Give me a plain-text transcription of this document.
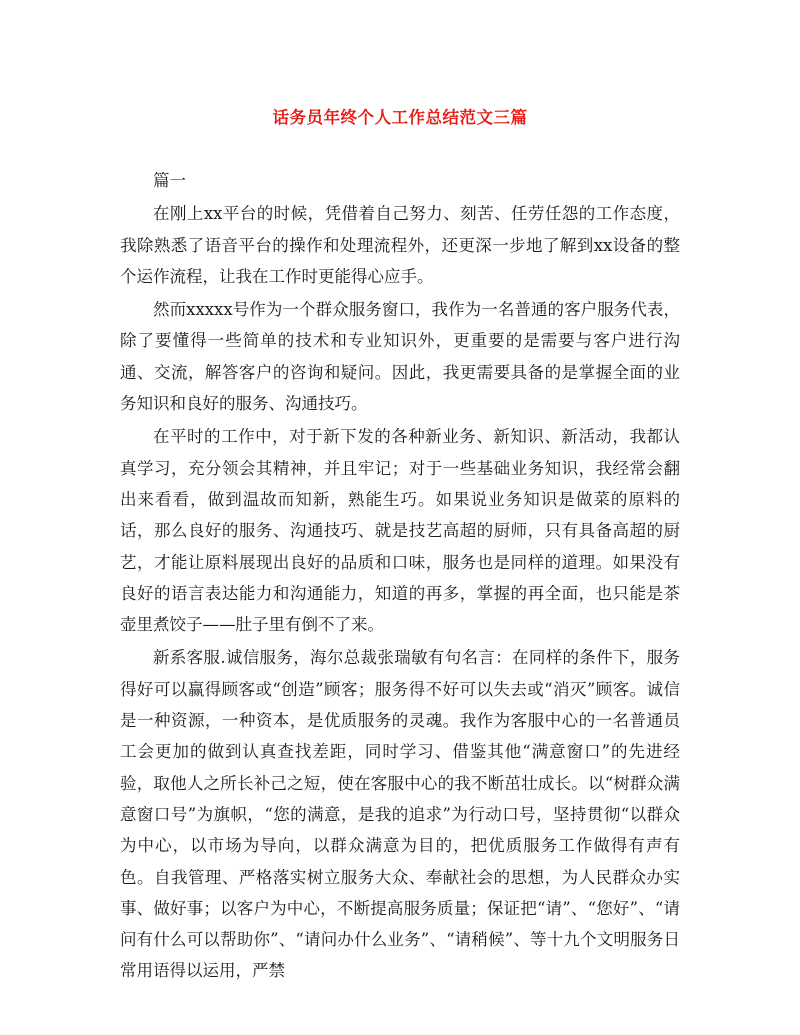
话务员年终个人工作总结范文三篇

篇一

在刚上xx平台的时候，凭借着自己努力、刻苦、任劳任怨的工作态度，我除熟悉了语音平台的操作和处理流程外，还更深一步地了解到xx设备的整个运作流程，让我在工作时更能得心应手。

然而xxxxx号作为一个群众服务窗口，我作为一名普通的客户服务代表，除了要懂得一些简单的技术和专业知识外，更重要的是需要与客户进行沟通、交流，解答客户的咨询和疑问。因此，我更需要具备的是掌握全面的业务知识和良好的服务、沟通技巧。

在平时的工作中，对于新下发的各种新业务、新知识、新活动，我都认真学习，充分领会其精神，并且牢记；对于一些基础业务知识，我经常会翻出来看看，做到温故而知新，熟能生巧。如果说业务知识是做菜的原料的话，那么良好的服务、沟通技巧、就是技艺高超的厨师，只有具备高超的厨艺，才能让原料展现出良好的品质和口味，服务也是同样的道理。如果没有良好的语言表达能力和沟通能力，知道的再多，掌握的再全面，也只能是茶壶里煮饺子——肚子里有倒不了来。

新系客服.诚信服务，海尔总裁张瑞敏有句名言：在同样的条件下，服务得好可以赢得顾客或“创造”顾客；服务得不好可以失去或“消灭”顾客。诚信是一种资源，一种资本，是优质服务的灵魂。我作为客服中心的一名普通员工会更加的做到认真查找差距，同时学习、借鉴其他“满意窗口”的先进经验，取他人之所长补己之短，使在客服中心的我不断茁壮成长。以“树群众满意窗口号”为旗帜，“您的满意，是我的追求”为行动口号，坚持贯彻“以群众为中心，以市场为导向，以群众满意为目的，把优质服务工作做得有声有色。自我管理、严格落实树立服务大众、奉献社会的思想，为人民群众办实事、做好事；以客户为中心，不断提高服务质量；保证把“请”、“您好”、“请问有什么可以帮助你”、“请问办什么业务”、“请稍候”、等十九个文明服务日常用语得以运用，严禁
